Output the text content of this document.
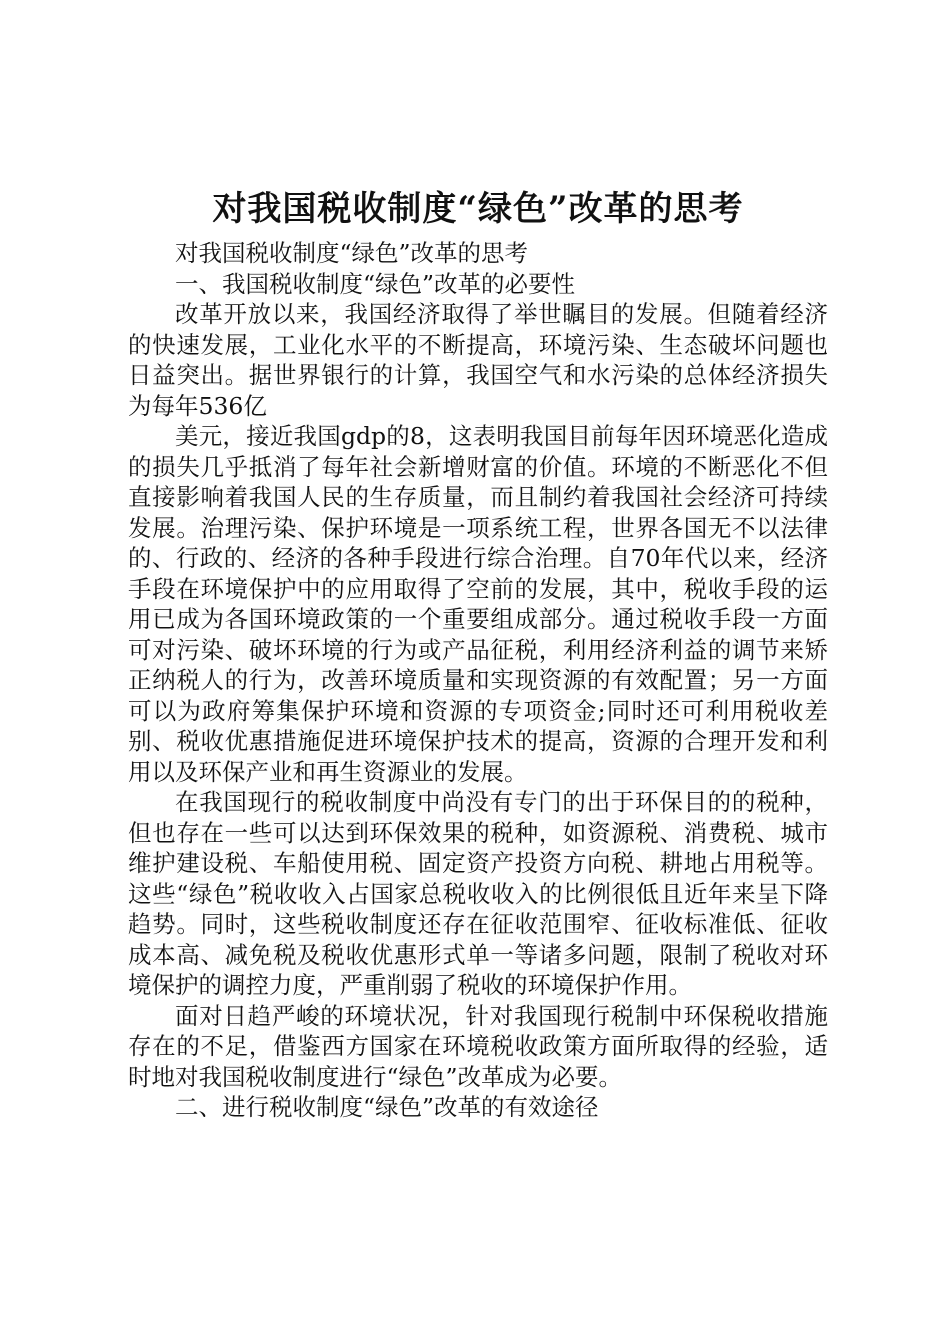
对我国税收制度“绿色”改革的思考

对我国税收制度“绿色”改革的思考

一、我国税收制度“绿色”改革的必要性

改革开放以来，我国经济取得了举世瞩目的发展。但随着经济的快速发展，工业化水平的不断提高，环境污染、生态破坏问题也日益突出。据世界银行的计算，我国空气和水污染的总体经济损失为每年536亿

美元，接近我国gdp的8，这表明我国目前每年因环境恶化造成的损失几乎抵消了每年社会新增财富的价值。环境的不断恶化不但直接影响着我国人民的生存质量，而且制约着我国社会经济可持续发展。治理污染、保护环境是一项系统工程，世界各国无不以法律的、行政的、经济的各种手段进行综合治理。自70年代以来，经济手段在环境保护中的应用取得了空前的发展，其中，税收手段的运用已成为各国环境政策的一个重要组成部分。通过税收手段一方面可对污染、破坏环境的行为或产品征税，利用经济利益的调节来矫正纳税人的行为，改善环境质量和实现资源的有效配置；另一方面可以为政府筹集保护环境和资源的专项资金;同时还可利用税收差别、税收优惠措施促进环境保护技术的提高，资源的合理开发和利用以及环保产业和再生资源业的发展。

在我国现行的税收制度中尚没有专门的出于环保目的的税种，但也存在一些可以达到环保效果的税种，如资源税、消费税、城市维护建设税、车船使用税、固定资产投资方向税、耕地占用税等。这些“绿色”税收收入占国家总税收收入的比例很低且近年来呈下降趋势。同时，这些税收制度还存在征收范围窄、征收标准低、征收成本高、减免税及税收优惠形式单一等诸多问题，限制了税收对环境保护的调控力度，严重削弱了税收的环境保护作用。

面对日趋严峻的环境状况，针对我国现行税制中环保税收措施存在的不足，借鉴西方国家在环境税收政策方面所取得的经验，适时地对我国税收制度进行“绿色”改革成为必要。

二、进行税收制度“绿色”改革的有效途径
